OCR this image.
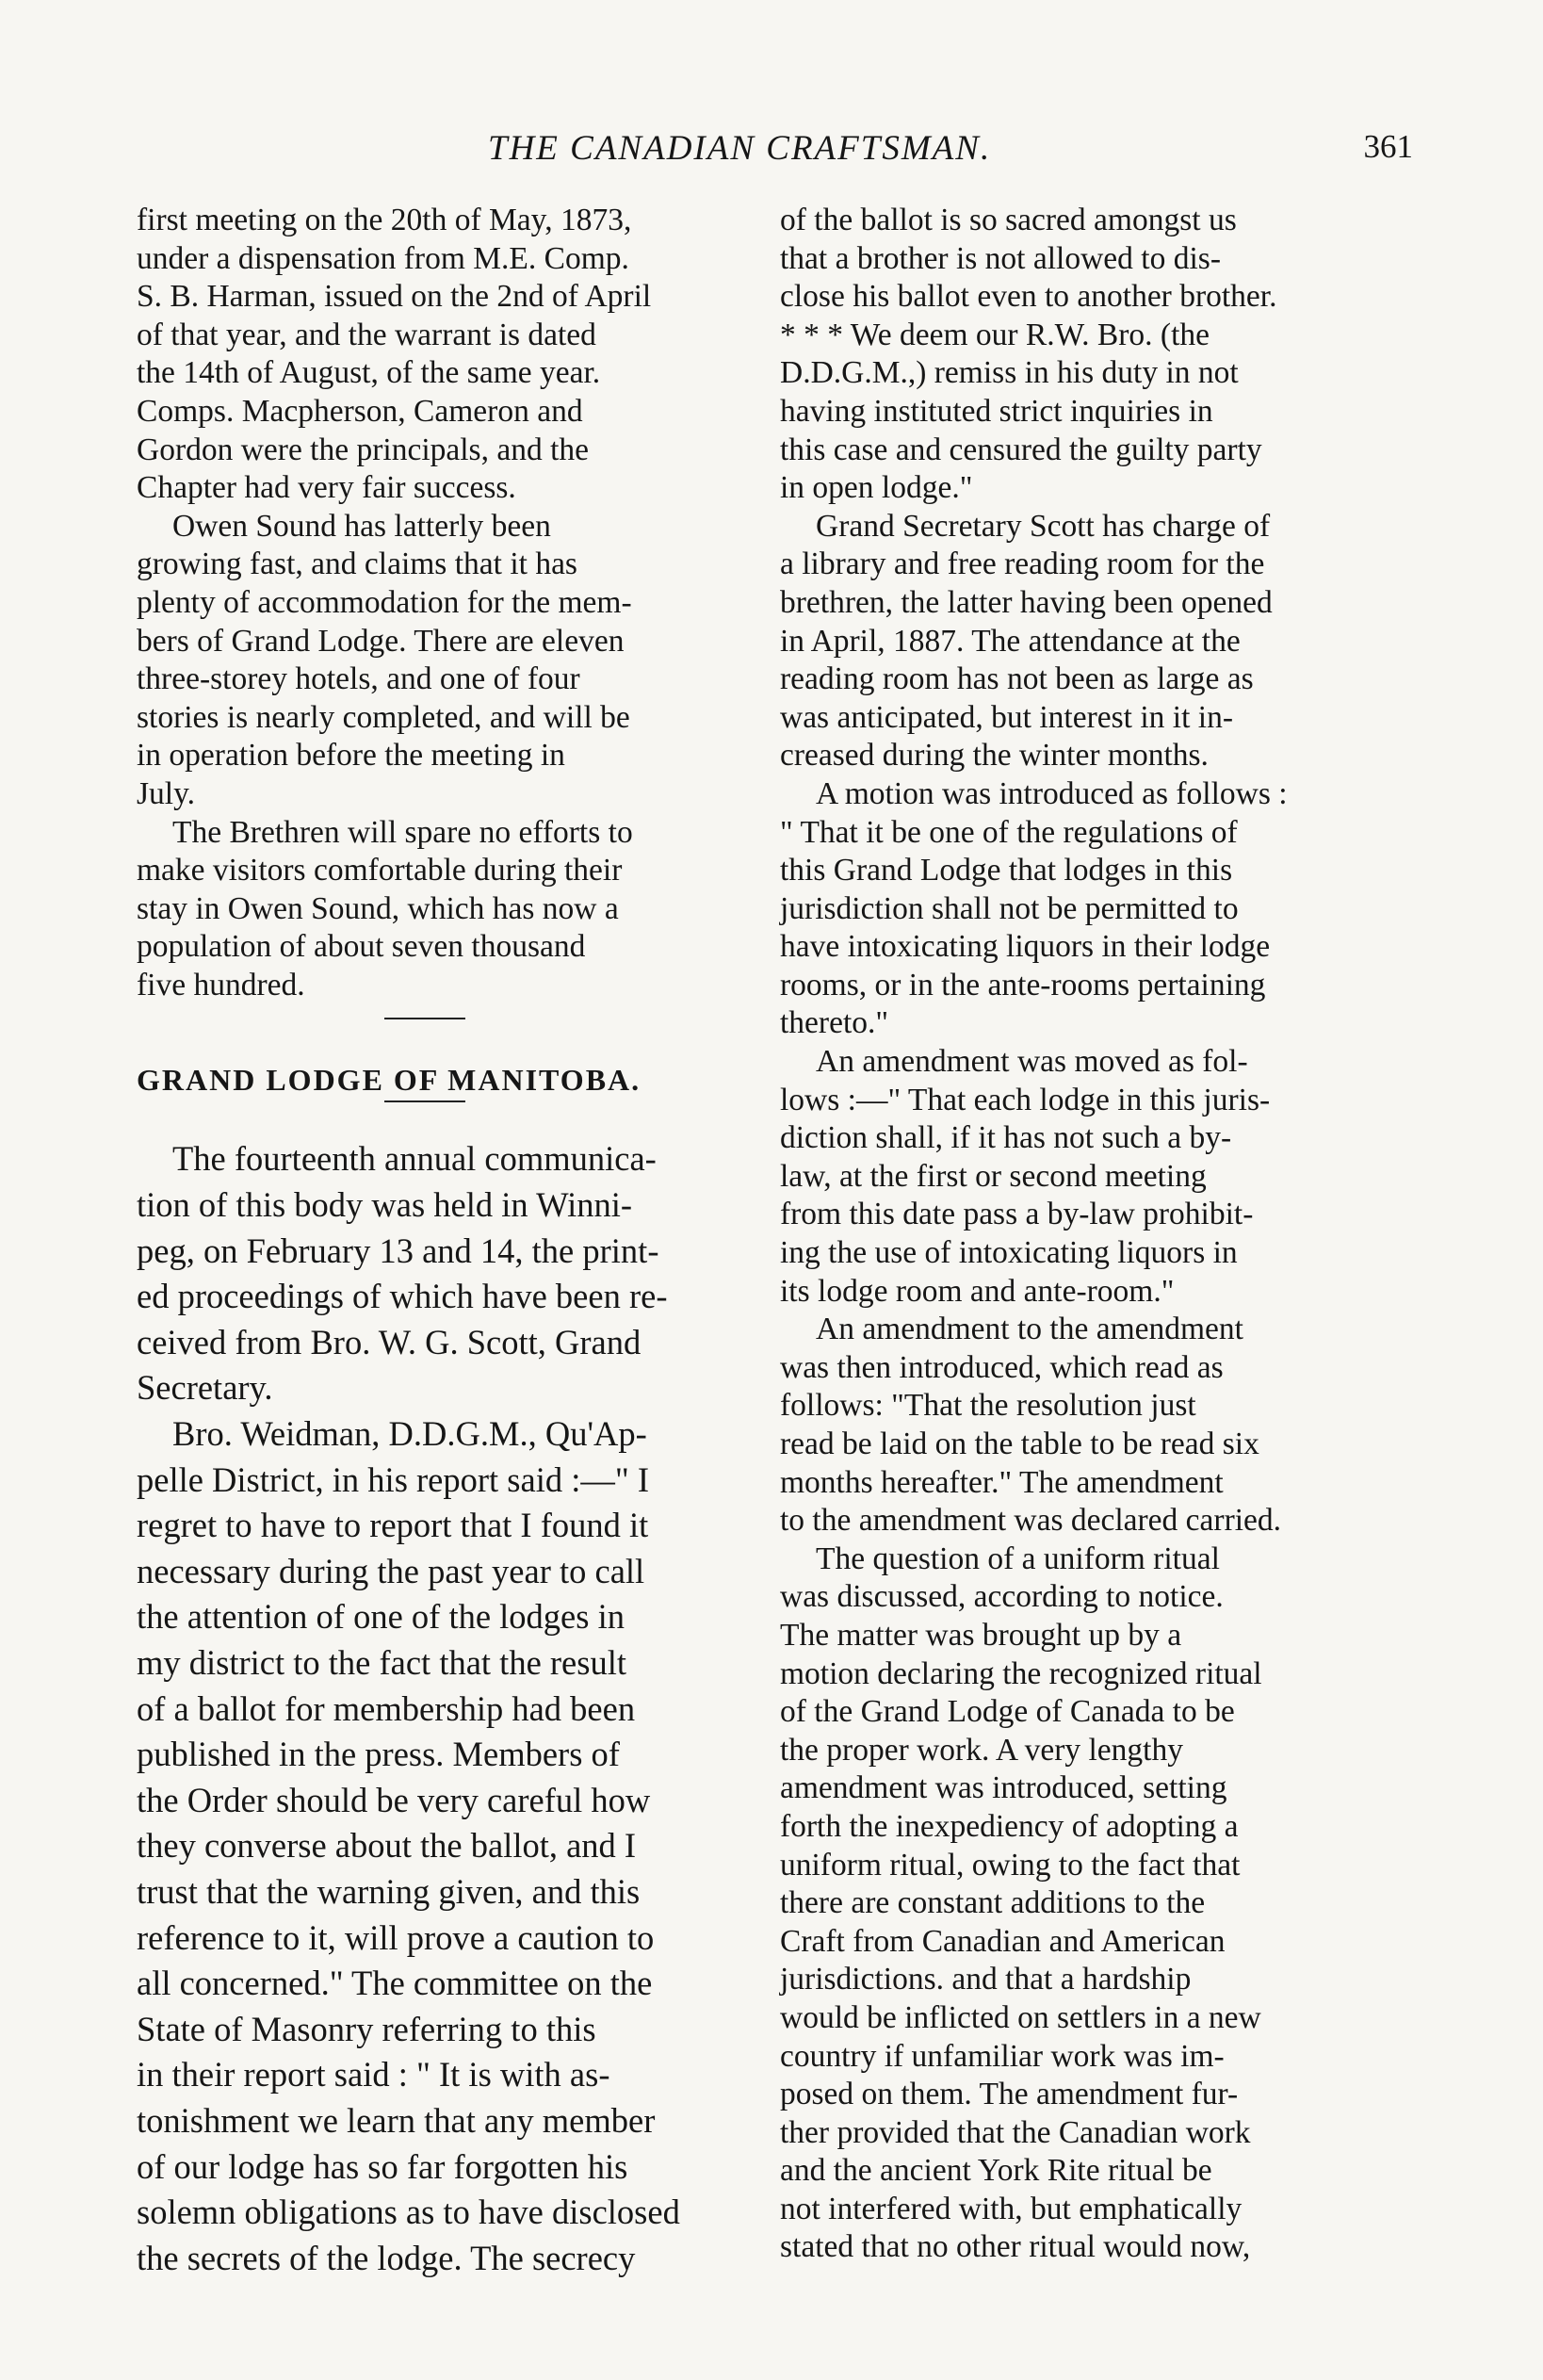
THE CANADIAN CRAFTSMAN.	361
first meeting on the 20th of May, 1873,
under a dispensation from M.E. Comp.
S. B. Harman, issued on the 2nd of April
of that year, and the warrant is dated
the 14th of August, of the same year.
Comps. Macpherson, Cameron and
Gordon were the principals, and the
Chapter had very fair success.
Owen Sound has latterly been
growing fast, and claims that it has
plenty of accommodation for the mem-
bers of Grand Lodge. There are eleven
three-storey hotels, and one of four
stories is nearly completed, and will be
in operation before the meeting in
July.
The Brethren will spare no efforts to
make visitors comfortable during their
stay in Owen Sound, which has now a
population of about seven thousand
five hundred.
GRAND LODGE OF MANITOBA.
The fourteenth annual communica-
tion of this body was held in Winni-
peg, on February 13 and 14, the print-
ed proceedings of which have been re-
ceived from Bro. W. G. Scott, Grand
Secretary.
Bro. Weidman, D.D.G.M., Qu'Ap-
pelle District, in his report said :—" I
regret to have to report that I found it
necessary during the past year to call
the attention of one of the lodges in
my district to the fact that the result
of a ballot for membership had been
published in the press. Members of
the Order should be very careful how
they converse about the ballot, and I
trust that the warning given, and this
reference to it, will prove a caution to
all concerned." The committee on the
State of Masonry referring to this
in their report said : " It is with as-
tonishment we learn that any member
of our lodge has so far forgotten his
solemn obligations as to have disclosed
the secrets of the lodge. The secrecy
of the ballot is so sacred amongst us
that a brother is not allowed to dis-
close his ballot even to another brother.
* * * We deem our R.W. Bro. (the
D.D.G.M.,) remiss in his duty in not
having instituted strict inquiries in
this case and censured the guilty party
in open lodge."
Grand Secretary Scott has charge of
a library and free reading room for the
brethren, the latter having been opened
in April, 1887. The attendance at the
reading room has not been as large as
was anticipated, but interest in it in-
creased during the winter months.
A motion was introduced as follows :
" That it be one of the regulations of
this Grand Lodge that lodges in this
jurisdiction shall not be permitted to
have intoxicating liquors in their lodge
rooms, or in the ante-rooms pertaining
thereto."
An amendment was moved as fol-
lows :—" That each lodge in this juris-
diction shall, if it has not such a by-
law, at the first or second meeting
from this date pass a by-law prohibit-
ing the use of intoxicating liquors in
its lodge room and ante-room."
An amendment to the amendment
was then introduced, which read as
follows: "That the resolution just
read be laid on the table to be read six
months hereafter." The amendment
to the amendment was declared carried.
The question of a uniform ritual
was discussed, according to notice.
The matter was brought up by a
motion declaring the recognized ritual
of the Grand Lodge of Canada to be
the proper work. A very lengthy
amendment was introduced, setting
forth the inexpediency of adopting a
uniform ritual, owing to the fact that
there are constant additions to the
Craft from Canadian and American
jurisdictions. and that a hardship
would be inflicted on settlers in a new
country if unfamiliar work was im-
posed on them. The amendment fur-
ther provided that the Canadian work
and the ancient York Rite ritual be
not interfered with, but emphatically
stated that no other ritual would now,
